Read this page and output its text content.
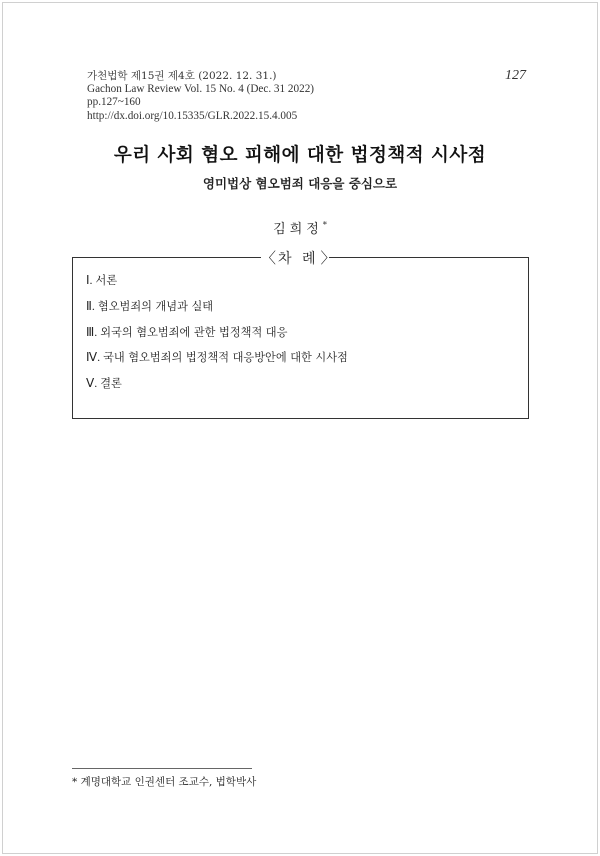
가천법학 제15권 제4호 (2022. 12. 31.)
Gachon Law Review Vol. 15 No. 4 (Dec. 31 2022)
pp.127~160
http://dx.doi.org/10.15335/GLR.2022.15.4.005
127
우리 사회 혐오 피해에 대한 법정책적 시사점
영미법상 혐오범죄 대응을 중심으로
김희정*
〈 차 례 〉
Ⅰ. 서론
Ⅱ. 혐오범죄의 개념과 실태
Ⅲ. 외국의 혐오범죄에 관한 법정책적 대응
Ⅳ. 국내 혐오범죄의 법정책적 대응방안에 대한 시사점
Ⅴ. 결론
* 계명대학교 인권센터 조교수, 법학박사
